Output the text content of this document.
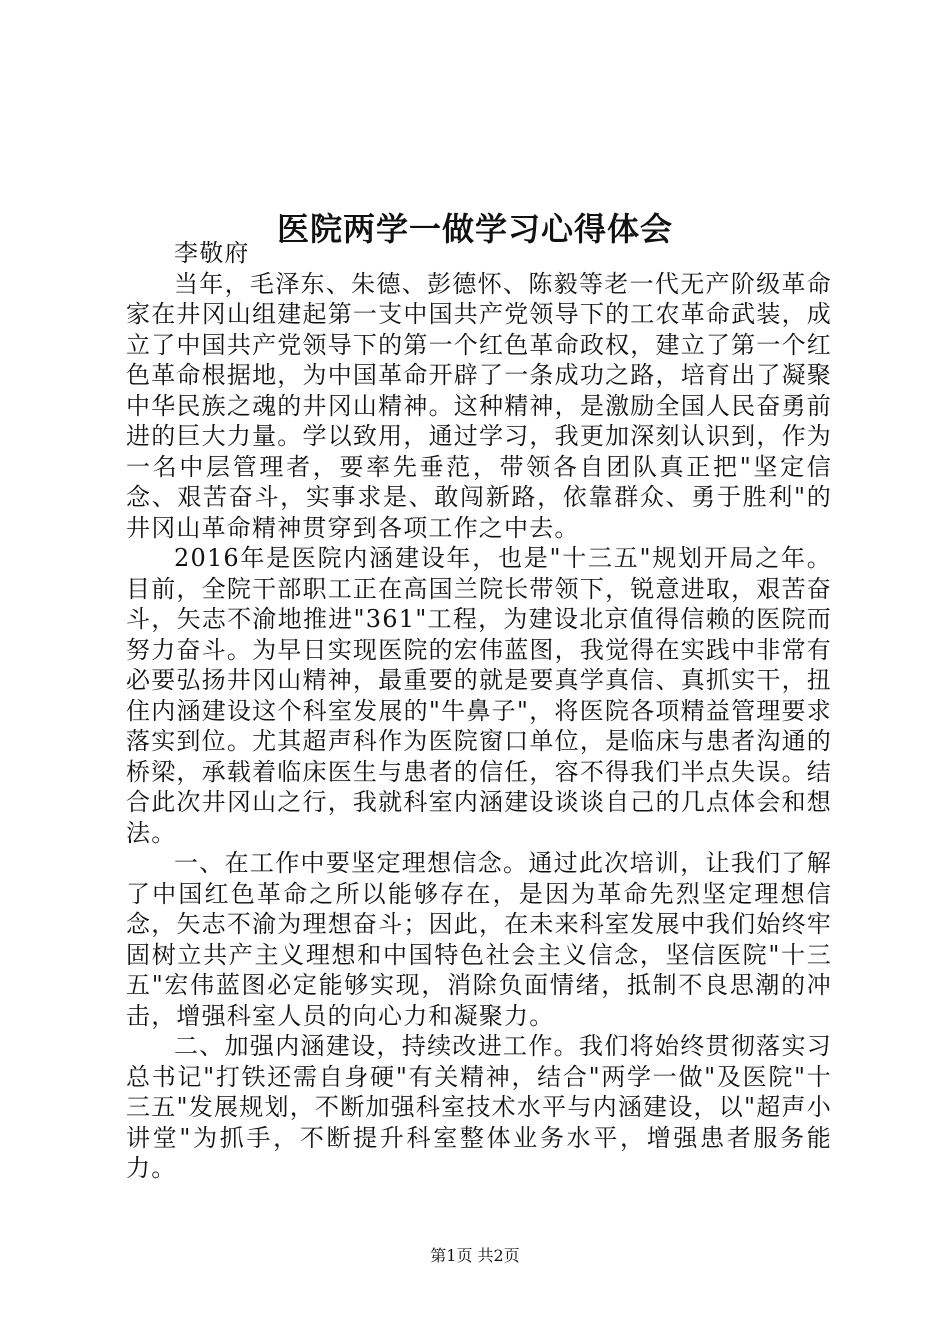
医院两学一做学习心得体会

李敬府

当年，毛泽东、朱德、彭德怀、陈毅等老一代无产阶级革命家在井冈山组建起第一支中国共产党领导下的工农革命武装，成立了中国共产党领导下的第一个红色革命政权，建立了第一个红色革命根据地，为中国革命开辟了一条成功之路，培育出了凝聚中华民族之魂的井冈山精神。这种精神，是激励全国人民奋勇前进的巨大力量。学以致用，通过学习，我更加深刻认识到，作为一名中层管理者，要率先垂范，带领各自团队真正把"坚定信念、艰苦奋斗，实事求是、敢闯新路，依靠群众、勇于胜利"的井冈山革命精神贯穿到各项工作之中去。

2016年是医院内涵建设年，也是"十三五"规划开局之年。目前，全院干部职工正在高国兰院长带领下，锐意进取，艰苦奋斗，矢志不渝地推进"361"工程，为建设北京值得信赖的医院而努力奋斗。为早日实现医院的宏伟蓝图，我觉得在实践中非常有必要弘扬井冈山精神，最重要的就是要真学真信、真抓实干，扭住内涵建设这个科室发展的"牛鼻子"，将医院各项精益管理要求落实到位。尤其超声科作为医院窗口单位，是临床与患者沟通的桥梁，承载着临床医生与患者的信任，容不得我们半点失误。结合此次井冈山之行，我就科室内涵建设谈谈自己的几点体会和想法。

一、在工作中要坚定理想信念。通过此次培训，让我们了解了中国红色革命之所以能够存在，是因为革命先烈坚定理想信念，矢志不渝为理想奋斗；因此，在未来科室发展中我们始终牢固树立共产主义理想和中国特色社会主义信念，坚信医院"十三五"宏伟蓝图必定能够实现，消除负面情绪，抵制不良思潮的冲击，增强科室人员的向心力和凝聚力。

二、加强内涵建设，持续改进工作。我们将始终贯彻落实习总书记"打铁还需自身硬"有关精神，结合"两学一做"及医院"十三五"发展规划，不断加强科室技术水平与内涵建设，以"超声小讲堂"为抓手，不断提升科室整体业务水平，增强患者服务能力。

第1页 共2页
